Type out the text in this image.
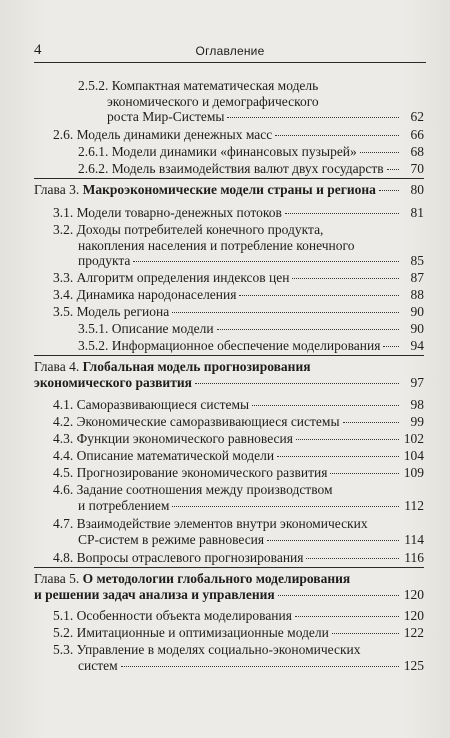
4	Оглавление
2.5.2. Компактная математическая модель
экономического и демографического
роста Мир-Системы	62
2.6. Модель динамики денежных масс	66
2.6.1. Модели динамики «финансовых пузырей»	68
2.6.2. Модель взаимодействия валют двух государств	70
Глава 3. Макроэкономические модели страны и региона	80
3.1. Модели товарно-денежных потоков	81
3.2. Доходы потребителей конечного продукта,
накопления населения и потребление конечного
продукта	85
3.3. Алгоритм определения индексов цен	87
3.4. Динамика народонаселения	88
3.5. Модель региона	90
3.5.1. Описание модели	90
3.5.2. Информационное обеспечение моделирования	94
Глава 4. Глобальная модель прогнозирования
экономического развития	97
4.1. Саморазвивающиеся системы	98
4.2. Экономические саморазвивающиеся системы	99
4.3. Функции экономического равновесия	102
4.4. Описание математической модели	104
4.5. Прогнозирование экономического развития	109
4.6. Задание соотношения между производством
и потреблением	112
4.7. Взаимодействие элементов внутри экономических
СР-систем в режиме равновесия	114
4.8. Вопросы отраслевого прогнозирования	116
Глава 5. О методологии глобального моделирования
и решении задач анализа и управления	120
5.1. Особенности объекта моделирования	120
5.2. Имитационные и оптимизационные модели	122
5.3. Управление в моделях социально-экономических
систем	125
